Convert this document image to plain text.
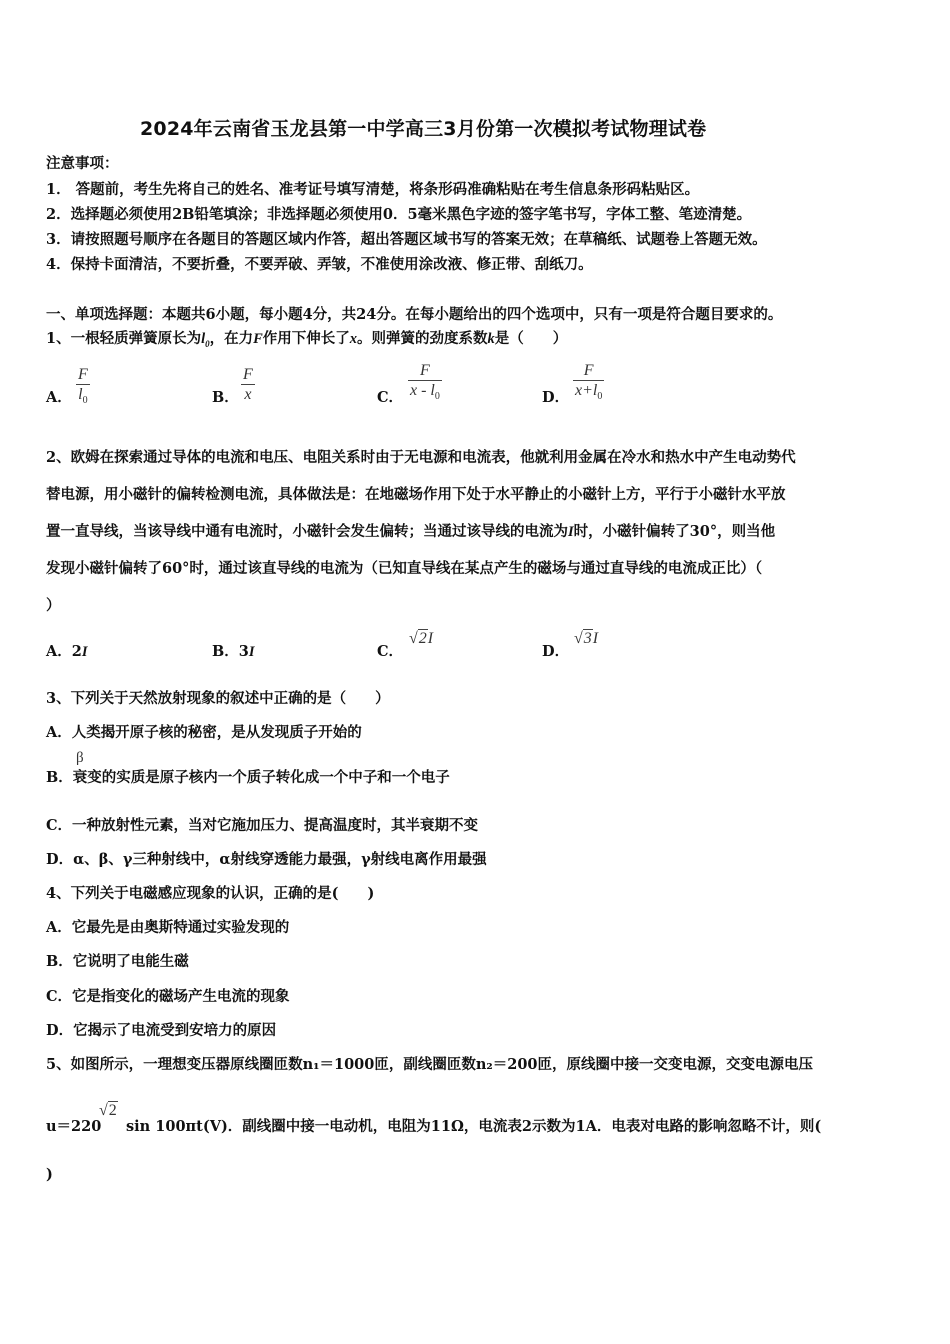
2024年云南省玉龙县第一中学高三3月份第一次模拟考试物理试卷
注意事项：
1． 答题前，考生先将自己的姓名、准考证号填写清楚，将条形码准确粘贴在考生信息条形码粘贴区。
2．选择题必须使用2B铅笔填涂；非选择题必须使用0．5毫米黑色字迹的签字笔书写，字体工整、笔迹清楚。
3．请按照题号顺序在各题目的答题区域内作答，超出答题区域书写的答案无效；在草稿纸、试题卷上答题无效。
4．保持卡面清洁，不要折叠，不要弄破、弄皱，不准使用涂改液、修正带、刮纸刀。
一、单项选择题：本题共6小题，每小题4分，共24分。在每小题给出的四个选项中，只有一项是符合题目要求的。
1、一根轻质弹簧原长为$l_0$，在力F作用下伸长了x。则弹簧的劲度系数k是（　　）
A．
F
$l_0$	B．
F
x	C．
F
x - $l_0$	D．
F
$x+l_0$
2、欧姆在探索通过导体的电流和电压、电阻关系时由于无电源和电流表，他就利用金属在冷水和热水中产生电动势代
替电源，用小磁针的偏转检测电流，具体做法是：在地磁场作用下处于水平静止的小磁针上方，平行于小磁针水平放
置一直导线，当该导线中通有电流时，小磁针会发生偏转；当通过该导线的电流为I时，小磁针偏转了30°，则当他
发现小磁针偏转了60°时，通过该直导线的电流为（已知直导线在某点产生的磁场与通过直导线的电流成正比）（
）
A．2I	B．3I	C．
√2I
D．
√3I
3、下列关于天然放射现象的叙述中正确的是（　　）
A．人类揭开原子核的秘密，是从发现质子开始的
B．衰变的实质是原子核内一个质子转化成一个中子和一个电子
β
C．一种放射性元素，当对它施加压力、提高温度时，其半衰期不变
D．α、β、γ三种射线中，α射线穿透能力最强，γ射线电离作用最强
4、下列关于电磁感应现象的认识，正确的是(　　)
A．它最先是由奥斯特通过实验发现的
B．它说明了电能生磁
C．它是指变化的磁场产生电流的现象
D．它揭示了电流受到安培力的原因
5、如图所示，一理想变压器原线圈匝数n₁＝1000匝，副线圈匝数n₂＝200匝，原线圈中接一交变电源，交变电源电压
u＝220
√2
sin 100πt(V)．副线圈中接一电动机，电阻为11Ω，电流表2示数为1A．电表对电路的影响忽略不计，则(
)
